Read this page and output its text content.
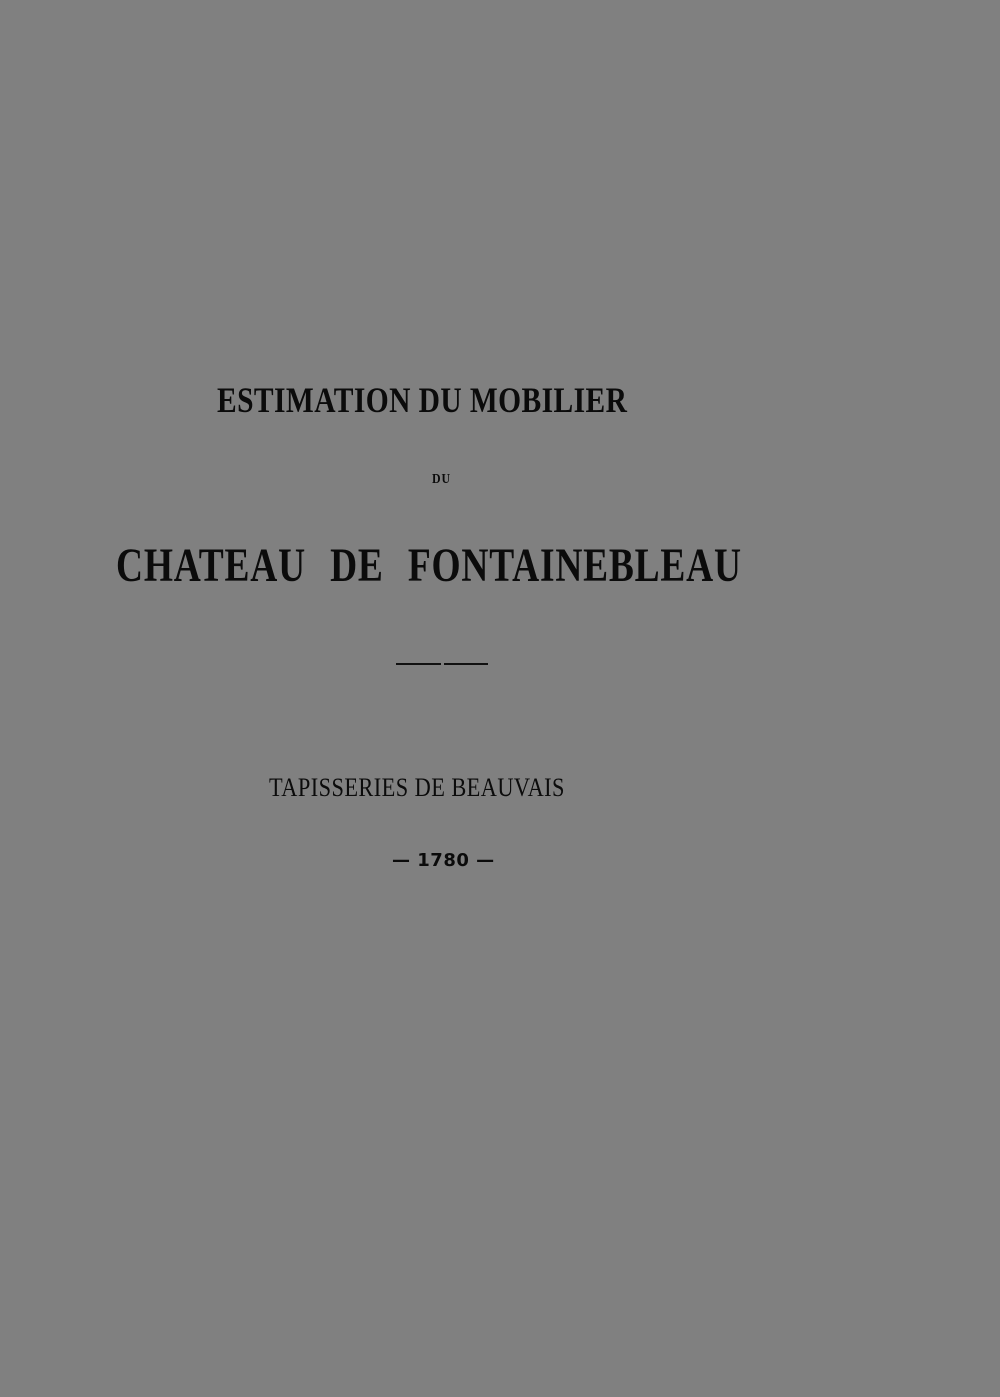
ESTIMATION DU MOBILIER

DU

CHATEAU DE FONTAINEBLEAU

TAPISSERIES DE BEAUVAIS

— 1780 —
